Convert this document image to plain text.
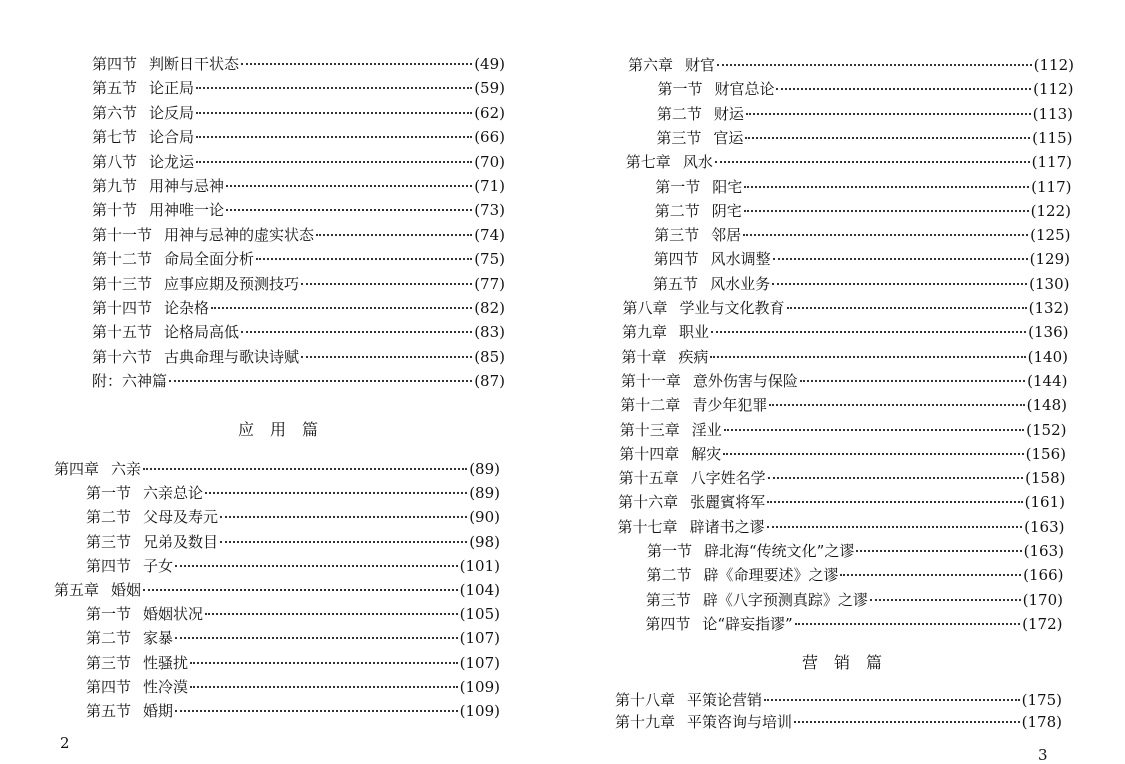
第四节 判断日干状态	(49)
第五节 论正局	(59)
第六节 论反局	(62)
第七节 论合局	(66)
第八节 论龙运	(70)
第九节 用神与忌神	(71)
第十节 用神唯一论	(73)
第十一节 用神与忌神的虚实状态	(74)
第十二节 命局全面分析	(75)
第十三节 应事应期及预测技巧	(77)
第十四节 论杂格	(82)
第十五节 论格局高低	(83)
第十六节 古典命理与歌诀诗赋	(85)
附：六神篇	(87)
第四章 六亲	(89)
第一节 六亲总论	(89)
第二节 父母及寿元	(90)
第三节 兄弟及数目	(98)
第四节 子女	(101)
第五章 婚姻	(104)
第一节 婚姻状况	(105)
第二节 家暴	(107)
第三节 性骚扰	(107)
第四节 性冷漠	(109)
第五节 婚期	(109)
应用篇
2
第六章 财官	(112)
第一节 财官总论	(112)
第二节 财运	(113)
第三节 官运	(115)
第七章 风水	(117)
第一节 阳宅	(117)
第二节 阴宅	(122)
第三节 邻居	(125)
第四节 风水调整	(129)
第五节 风水业务	(130)
第八章 学业与文化教育	(132)
第九章 职业	(136)
第十章 疾病	(140)
第十一章 意外伤害与保险	(144)
第十二章 青少年犯罪	(148)
第十三章 淫业	(152)
第十四章 解灾	(156)
第十五章 八字姓名学	(158)
第十六章 张麗賓将军	(161)
第十七章 辟诸书之谬	(163)
第一节 辟北海“传统文化”之谬	(163)
第二节 辟《命理要述》之谬	(166)
第三节 辟《八字预测真踪》之谬	(170)
第四节 论“辟妄指谬”	(172)
第十八章 平策论营销	(175)
第十九章 平策咨询与培训	(178)
营销篇
3
